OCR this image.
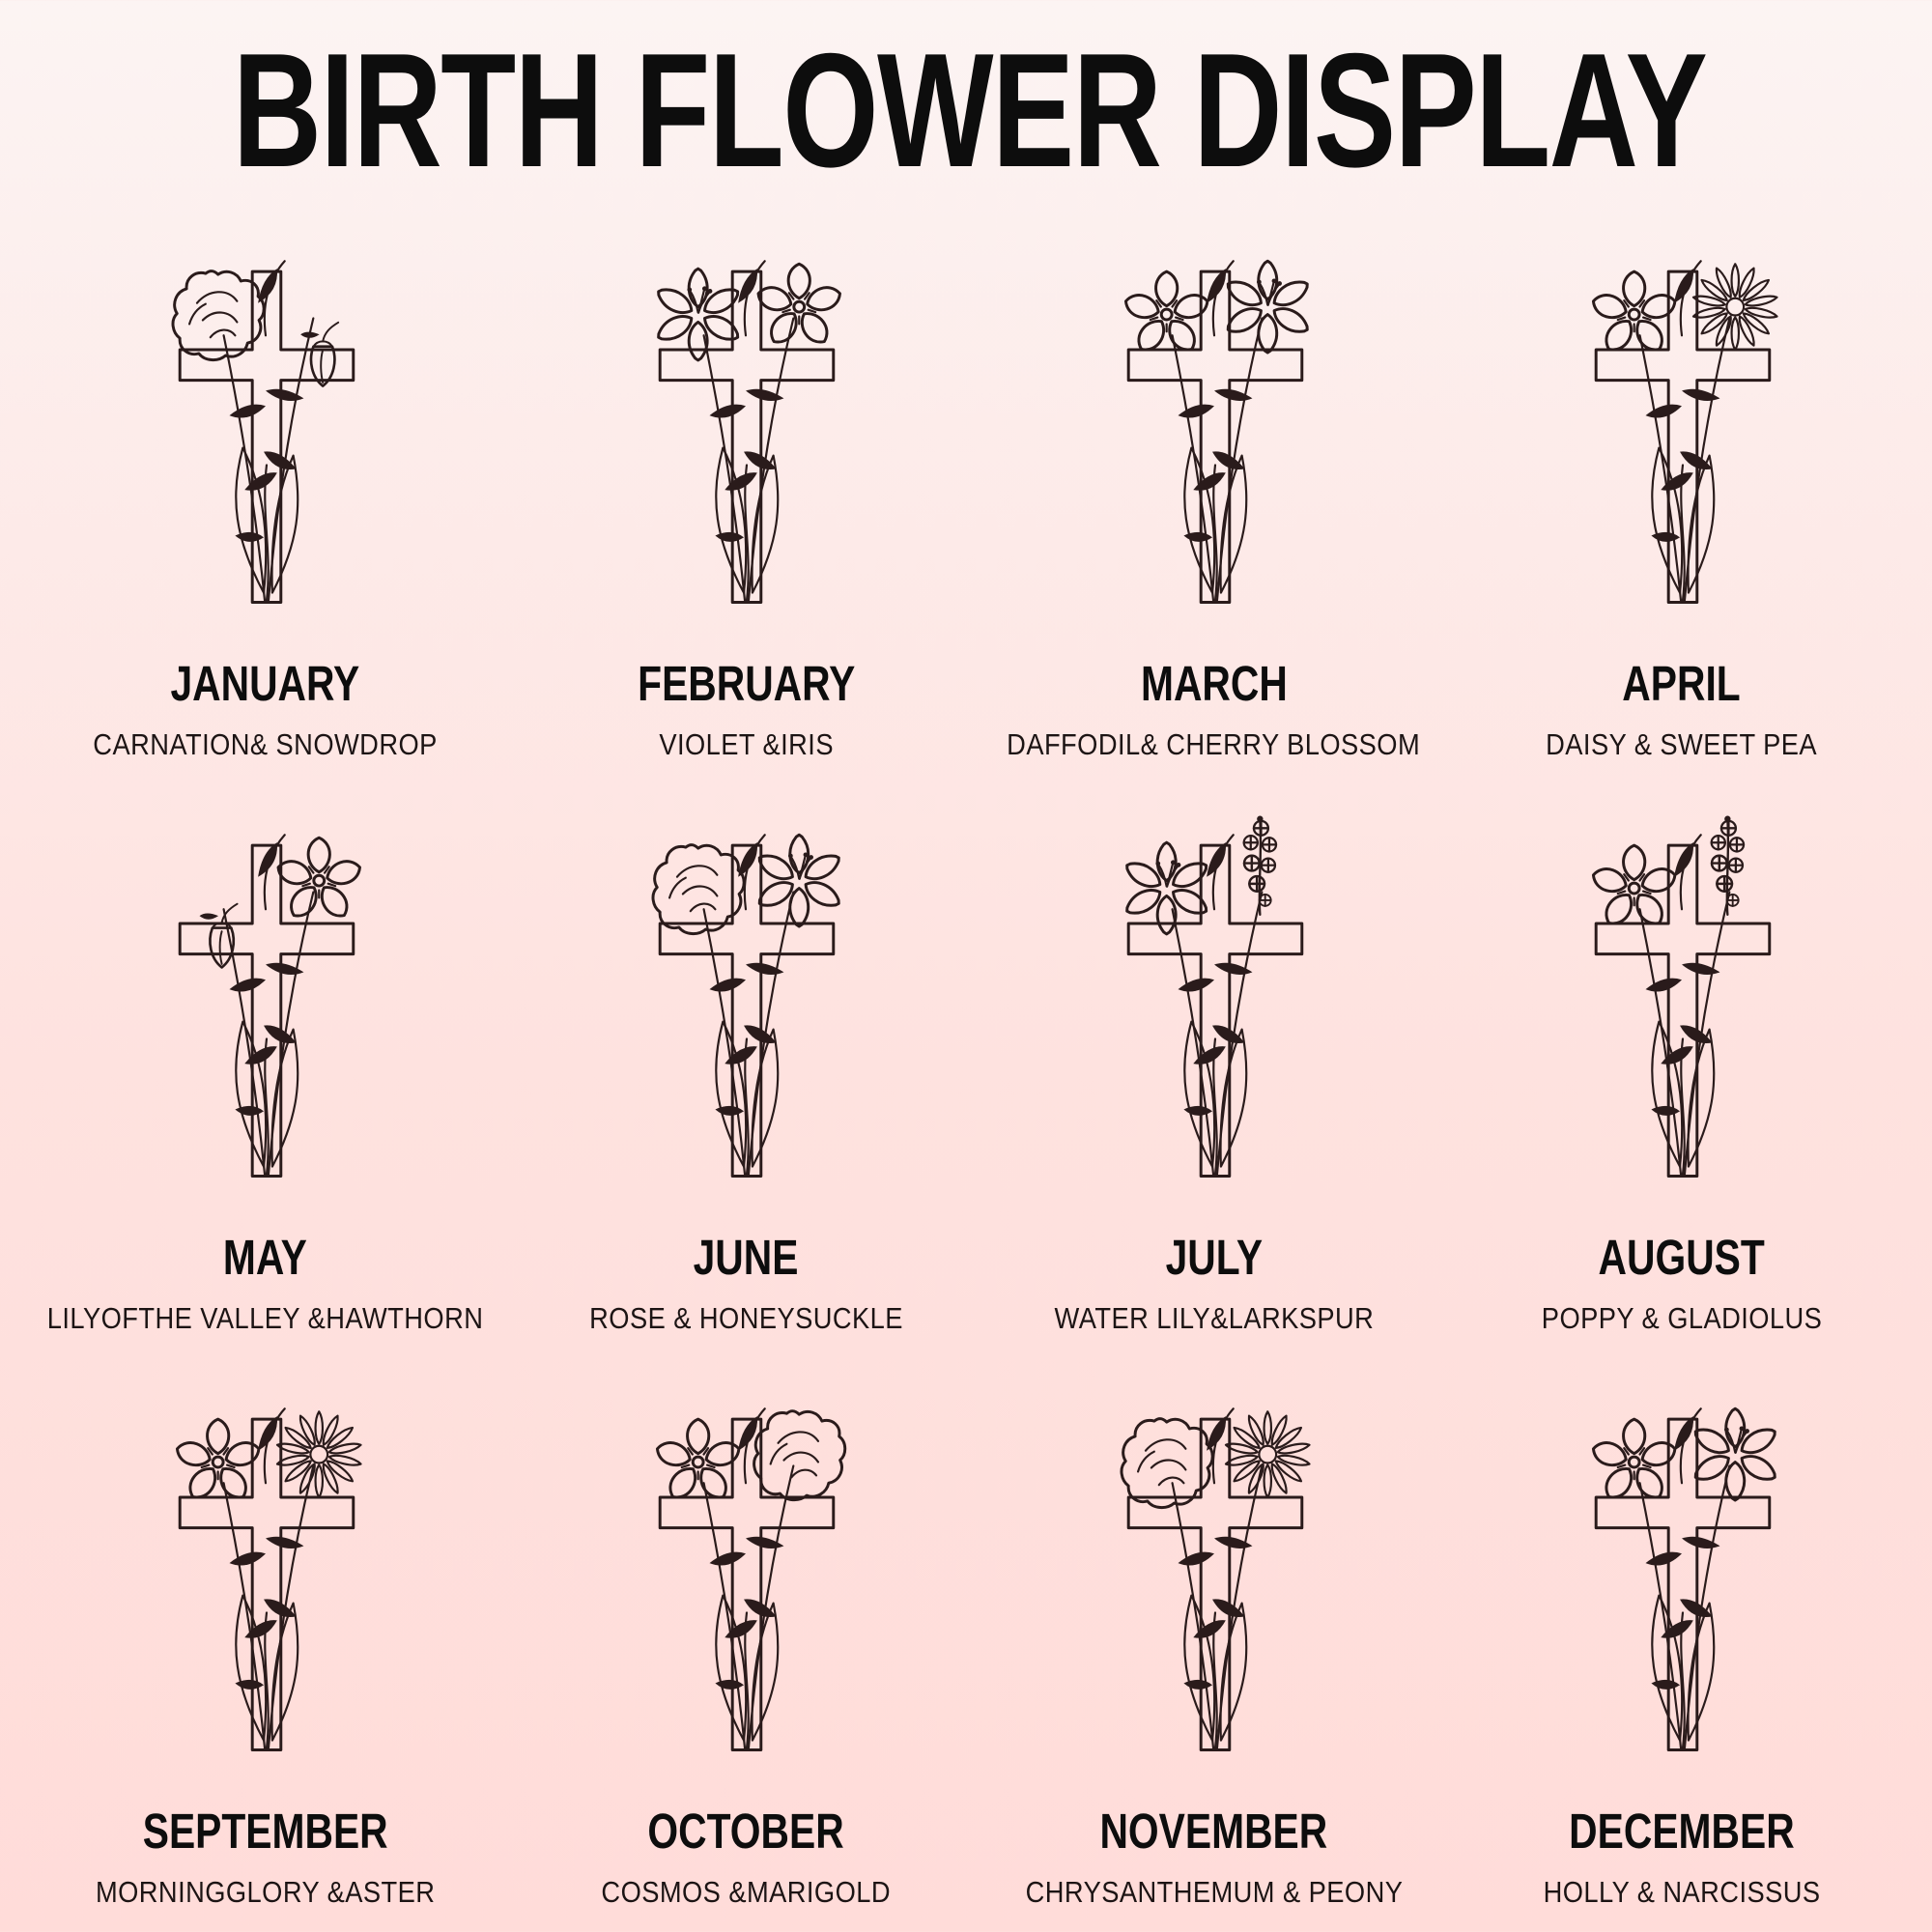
BIRTH FLOWER DISPLAY
JANUARY
CARNATION& SNOWDROP
FEBRUARY
VIOLET &IRIS
MARCH
DAFFODIL& CHERRY BLOSSOM
APRIL
DAISY & SWEET PEA
MAY
LILYOFTHE VALLEY &HAWTHORN
JUNE
ROSE & HONEYSUCKLE
JULY
WATER LILY&LARKSPUR
AUGUST
POPPY & GLADIOLUS
SEPTEMBER
MORNINGGLORY &ASTER
OCTOBER
COSMOS &MARIGOLD
NOVEMBER
CHRYSANTHEMUM & PEONY
DECEMBER
HOLLY & NARCISSUS
